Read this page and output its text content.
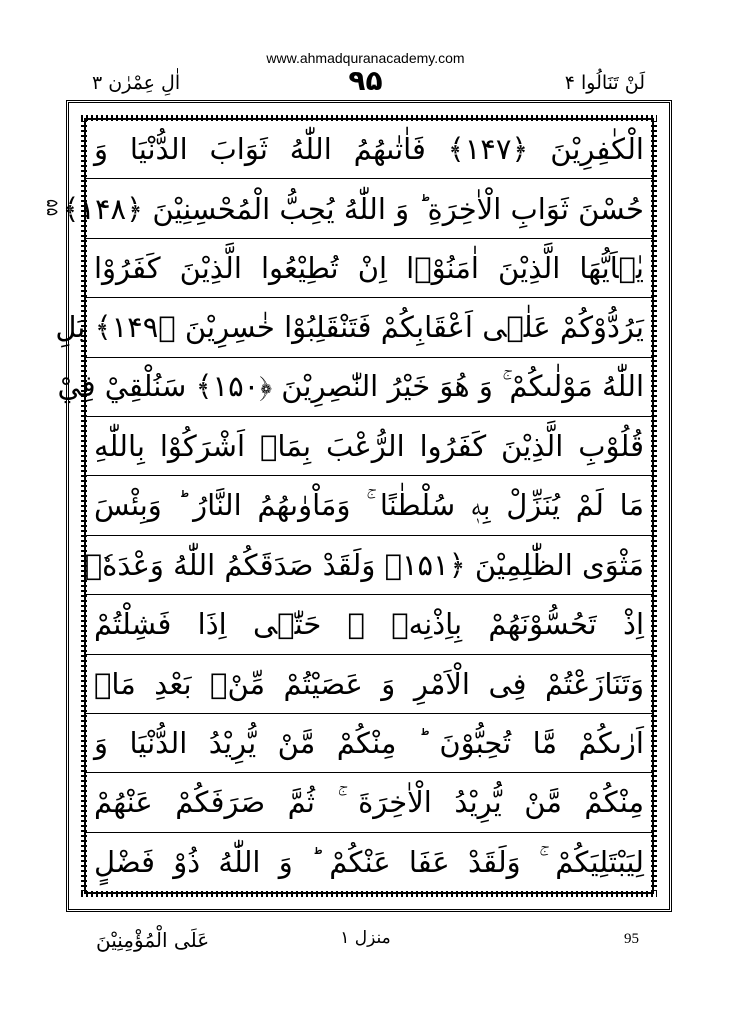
www.ahmadquranacademy.com
لَنْ تَنَالُوا ۴
۹۵
اٰلِ عِمْرٰن ۳
۵۵
الْكٰفِرِيْنَ ﴿۱۴۷﴾ فَاٰتٰىهُمُ اللّٰهُ ثَوَابَ الدُّنْيَا وَ
حُسْنَ ثَوَابِ الْاٰخِرَةِ ؕ وَ اللّٰهُ يُحِبُّ الْمُحْسِنِيْنَ ﴿۱۴۸﴾
يٰۤاَيُّهَا الَّذِيْنَ اٰمَنُوْۤا اِنْ تُطِيْعُوا الَّذِيْنَ كَفَرُوْا
يَرُدُّوْكُمْ عَلٰۤى اَعْقَابِكُمْ فَتَنْقَلِبُوْا خٰسِرِيْنَ ﴿۱۴۹﴾ بَلِ
اللّٰهُ مَوْلٰىكُمْ ۚ وَ هُوَ خَيْرُ النّٰصِرِيْنَ ﴿۱۵۰﴾ سَنُلْقِيْ فِيْ
قُلُوْبِ الَّذِيْنَ كَفَرُوا الرُّعْبَ بِمَاۤ اَشْرَكُوْا بِاللّٰهِ
مَا لَمْ يُنَزِّلْ بِهٖ سُلْطٰنًا ۚ وَمَاْوٰىهُمُ النَّارُ ؕ وَبِئْسَ
مَثْوَى الظّٰلِمِيْنَ ﴿۱۵۱﴾ وَلَقَدْ صَدَقَكُمُ اللّٰهُ وَعْدَهٗۤ
اِذْ تَحُسُّوْنَهُمْ بِاِذْنِهٖ ۚ حَتّٰۤى اِذَا فَشِلْتُمْ
وَتَنَازَعْتُمْ فِى الْاَمْرِ وَ عَصَيْتُمْ مِّنْۢ بَعْدِ مَاۤ
اَرٰىكُمْ مَّا تُحِبُّوْنَ ؕ مِنْكُمْ مَّنْ يُّرِيْدُ الدُّنْيَا وَ
مِنْكُمْ مَّنْ يُّرِيْدُ الْاٰخِرَةَ ۚ ثُمَّ صَرَفَكُمْ عَنْهُمْ
لِيَبْتَلِيَكُمْ ۚ وَلَقَدْ عَفَا عَنْكُمْ ؕ وَ اللّٰهُ ذُوْ فَضْلٍ
عَلَى الْمُؤْمِنِيْنَ	منزل ۱	95
